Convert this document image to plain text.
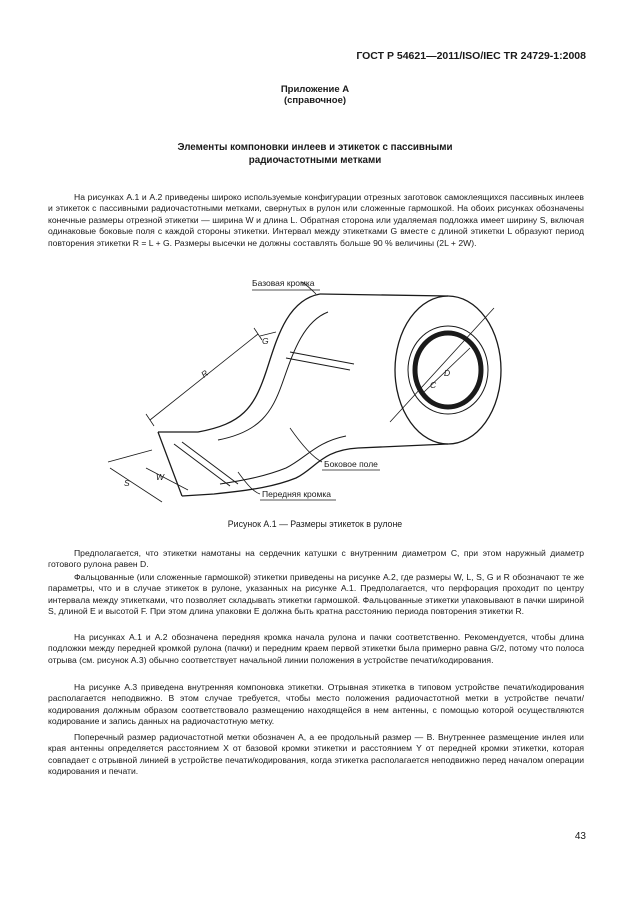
ГОСТ Р 54621—2011/ISO/IEC TR 24729-1:2008
Приложение А
(справочное)
Элементы компоновки инлеев и этикеток с пассивными
радиочастотными метками
На рисунках А.1 и А.2 приведены широко используемые конфигурации отрезных заготовок самоклеящихся пассивных инлеев и этикеток с пассивными радиочастотными метками, свернутых в рулон или сложенные гармошкой. На обоих рисунках обозначены конечные размеры отрезной этикетки — ширина W и длина L. Обратная сторона или удаляемая подложка имеет ширину S, включая одинаковые боковые поля с каждой стороны этикетки. Интервал между этикетками G вместе с длиной этикетки L образуют период повторения этикетки R = L + G. Размеры высечки не должны составлять больше 90 % величины (2L + 2W).
Базовая кромка
Боковое поле
Передняя кромка
R
G
C
D
W
S
Рисунок А.1 — Размеры этикеток в рулоне
Предполагается, что этикетки намотаны на сердечник катушки с внутренним диаметром C, при этом наружный диаметр готового рулона равен D.
Фальцованные (или сложенные гармошкой) этикетки приведены на рисунке А.2, где размеры W, L, S, G и R обозначают те же параметры, что и в случае этикеток в рулоне, указанных на рисунке А.1. Предполагается, что перфорация проходит по центру интервала между этикетками, что позволяет складывать этикетки гармошкой. Фальцованные этикетки упаковывают в пачки шириной S, длиной E и высотой F. При этом длина упаковки E должна быть кратна расстоянию периода повторения этикетки R.
На рисунках А.1 и А.2 обозначена передняя кромка начала рулона и пачки соответственно. Рекомендуется, чтобы длина подложки между передней кромкой рулона (пачки) и передним краем первой этикетки была примерно равна G/2, потому что полоса отрыва (см. рисунок А.3) обычно соответствует начальной линии положения в устройстве печати/кодирования.
На рисунке А.3 приведена внутренняя компоновка этикетки. Отрывная этикетка в типовом устройстве печати/кодирования располагается неподвижно. В этом случае требуется, чтобы место положения радиочастотной метки в устройстве печати/кодирования должным образом соответствовало размещению находящейся в нем антенны, с помощью которой осуществляются кодирование и запись данных на радиочастотную метку.
Поперечный размер радиочастотной метки обозначен А, а ее продольный размер — В. Внутреннее размещение инлея или края антенны определяется расстоянием X от базовой кромки этикетки и расстоянием Y от передней кромки этикетки, которая совпадает с отрывной линией в устройстве печати/кодирования, когда этикетка располагается неподвижно перед началом операции кодирования и печати.
43
